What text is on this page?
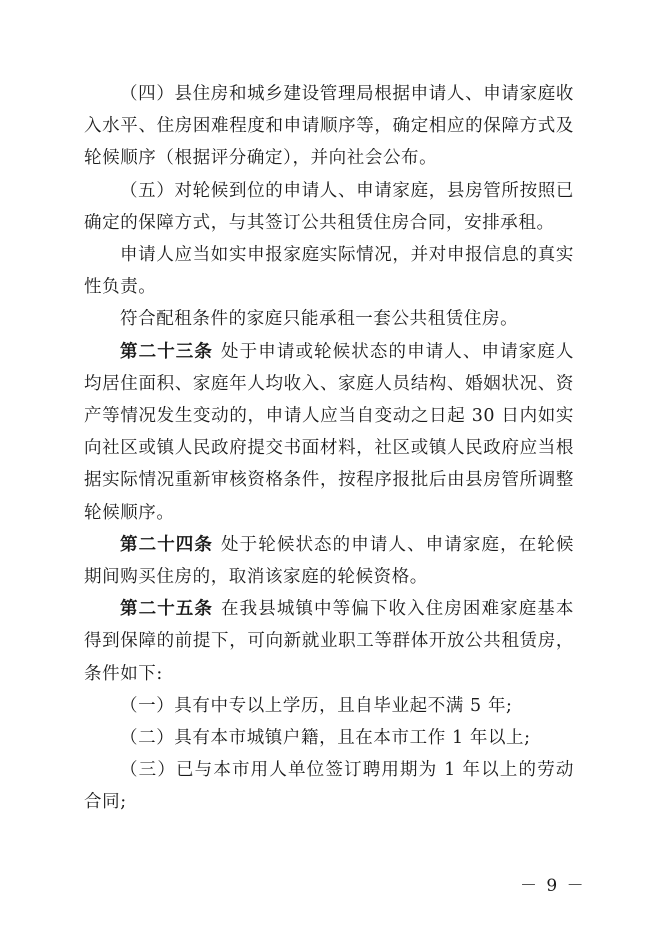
（四）县住房和城乡建设管理局根据申请人、申请家庭收入水平、住房困难程度和申请顺序等，确定相应的保障方式及轮候顺序（根据评分确定），并向社会公布。

（五）对轮候到位的申请人、申请家庭，县房管所按照已确定的保障方式，与其签订公共租赁住房合同，安排承租。

申请人应当如实申报家庭实际情况，并对申报信息的真实性负责。

符合配租条件的家庭只能承租一套公共租赁住房。

第二十三条 处于申请或轮候状态的申请人、申请家庭人均居住面积、家庭年人均收入、家庭人员结构、婚姻状况、资产等情况发生变动的，申请人应当自变动之日起 30 日内如实向社区或镇人民政府提交书面材料，社区或镇人民政府应当根据实际情况重新审核资格条件，按程序报批后由县房管所调整轮候顺序。

第二十四条 处于轮候状态的申请人、申请家庭，在轮候期间购买住房的，取消该家庭的轮候资格。

第二十五条 在我县城镇中等偏下收入住房困难家庭基本得到保障的前提下，可向新就业职工等群体开放公共租赁房，条件如下:

（一）具有中专以上学历，且自毕业起不满 5 年;

（二）具有本市城镇户籍，且在本市工作 1 年以上;

（三）已与本市用人单位签订聘用期为 1 年以上的劳动合同;

－ 9 －
